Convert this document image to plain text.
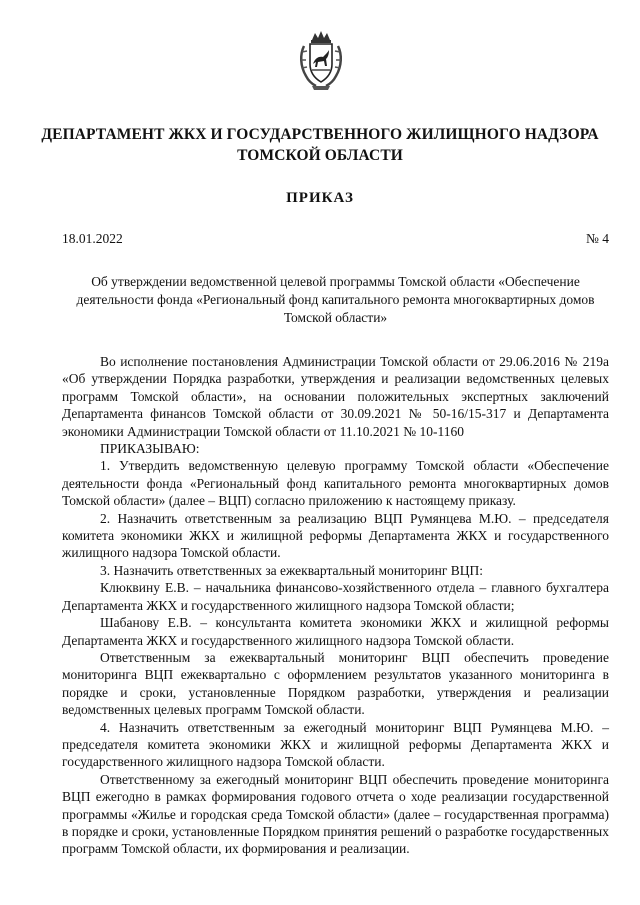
ДЕПАРТАМЕНТ ЖКХ И ГОСУДАРСТВЕННОГО ЖИЛИЩНОГО НАДЗОРА ТОМСКОЙ ОБЛАСТИ
ПРИКАЗ
18.01.2022	№ 4
Об утверждении ведомственной целевой программы Томской области «Обеспечение деятельности фонда «Региональный фонд капитального ремонта многоквартирных домов Томской области»

Во исполнение постановления Администрации Томской области от 29.06.2016 № 219а «Об утверждении Порядка разработки, утверждения и реализации ведомственных целевых программ Томской области», на основании положительных экспертных заключений Департамента финансов Томской области от 30.09.2021 № 50-16/15-317 и Департамента экономики Администрации Томской области от 11.10.2021 № 10-1160

ПРИКАЗЫВАЮ:

1. Утвердить ведомственную целевую программу Томской области «Обеспечение деятельности фонда «Региональный фонд капитального ремонта многоквартирных домов Томской области» (далее – ВЦП) согласно приложению к настоящему приказу.

2. Назначить ответственным за реализацию ВЦП Румянцева М.Ю. – председателя комитета экономики ЖКХ и жилищной реформы Департамента ЖКХ и государственного жилищного надзора Томской области.

3. Назначить ответственных за ежеквартальный мониторинг ВЦП:

Клюквину Е.В. – начальника финансово-хозяйственного отдела – главного бухгалтера Департамента ЖКХ и государственного жилищного надзора Томской области;

Шабанову Е.В. – консультанта комитета экономики ЖКХ и жилищной реформы Департамента ЖКХ и государственного жилищного надзора Томской области.

Ответственным за ежеквартальный мониторинг ВЦП обеспечить проведение мониторинга ВЦП ежеквартально с оформлением результатов указанного мониторинга в порядке и сроки, установленные Порядком разработки, утверждения и реализации ведомственных целевых программ Томской области.

4. Назначить ответственным за ежегодный мониторинг ВЦП Румянцева М.Ю. – председателя комитета экономики ЖКХ и жилищной реформы Департамента ЖКХ и государственного жилищного надзора Томской области.

Ответственному за ежегодный мониторинг ВЦП обеспечить проведение мониторинга ВЦП ежегодно в рамках формирования годового отчета о ходе реализации государственной программы «Жилье и городская среда Томской области» (далее – государственная программа) в порядке и сроки, установленные Порядком принятия решений о разработке государственных программ Томской области, их формирования и реализации.
